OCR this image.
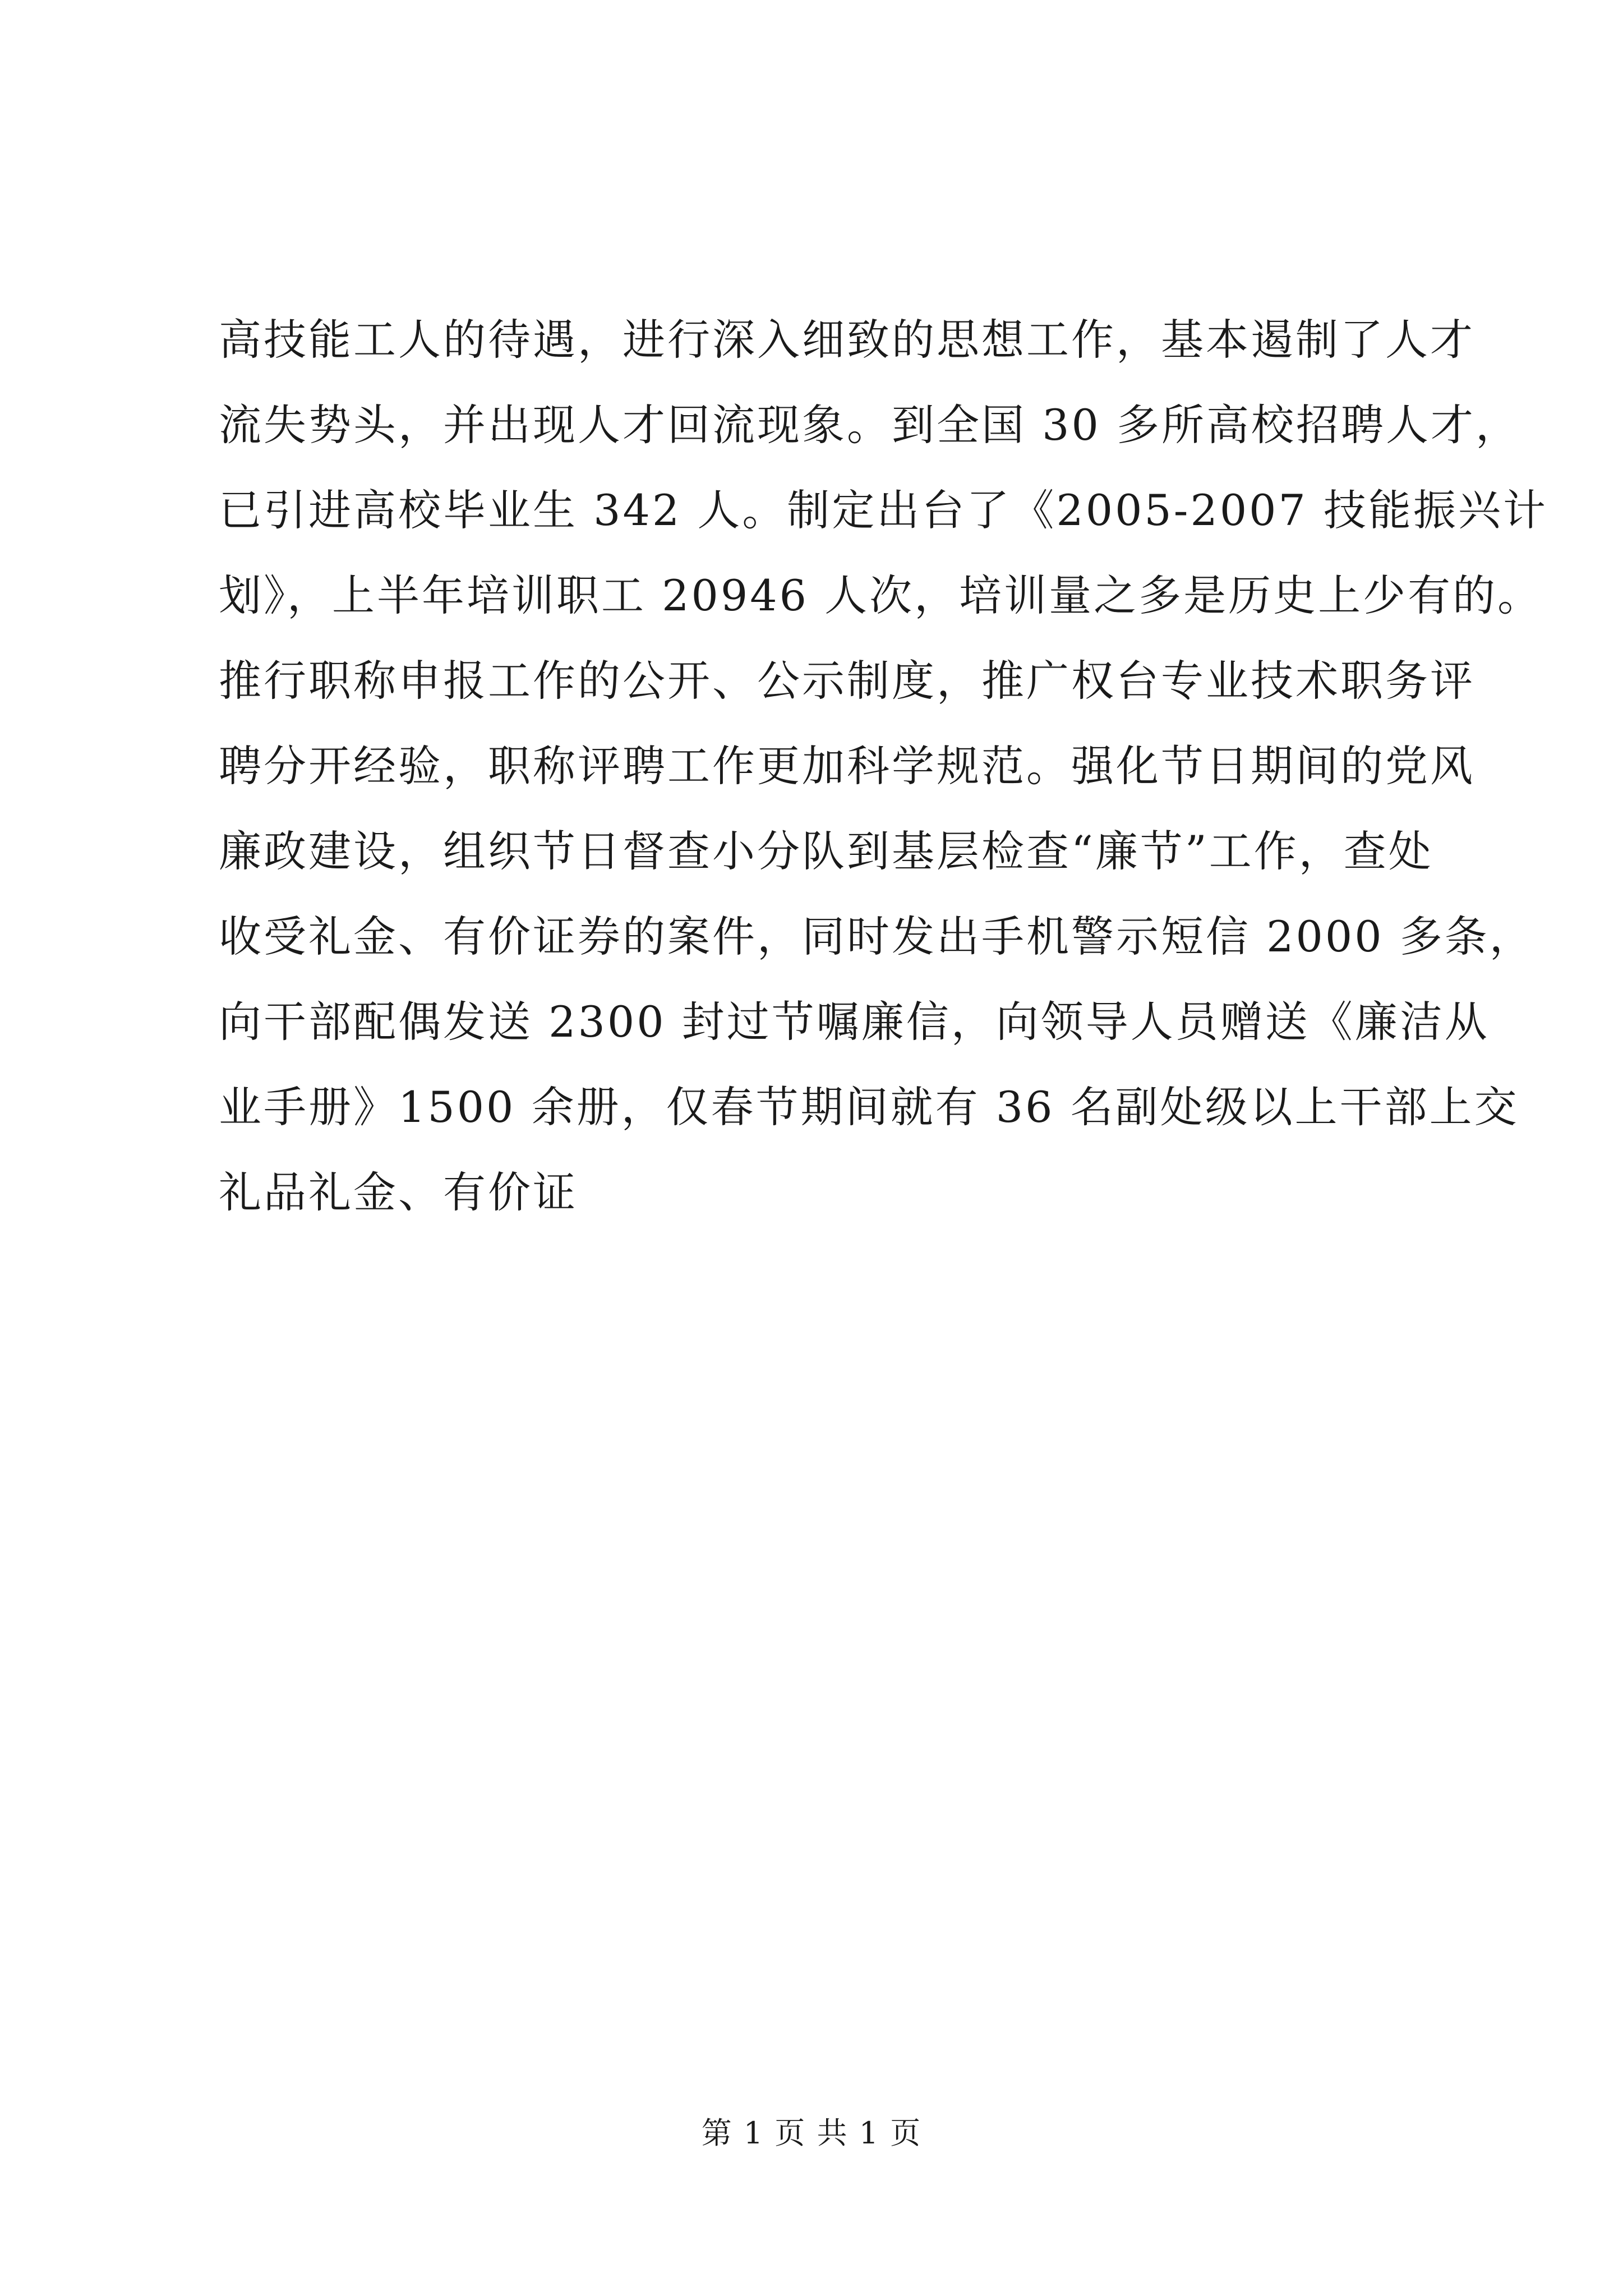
高技能工人的待遇，进行深入细致的思想工作，基本遏制了人才
流失势头，并出现人才回流现象。到全国 30 多所高校招聘人才，
已引进高校毕业生 342 人。制定出台了《2005-2007 技能振兴计
划》，上半年培训职工 20946 人次，培训量之多是历史上少有的。
推行职称申报工作的公开、公示制度，推广权台专业技术职务评
聘分开经验，职称评聘工作更加科学规范。强化节日期间的党风
廉政建设，组织节日督查小分队到基层检查“廉节”工作，查处
收受礼金、有价证券的案件，同时发出手机警示短信 2000 多条，
向干部配偶发送 2300 封过节嘱廉信，向领导人员赠送《廉洁从
业手册》1500 余册，仅春节期间就有 36 名副处级以上干部上交
礼品礼金、有价证
第 1 页 共 1 页
